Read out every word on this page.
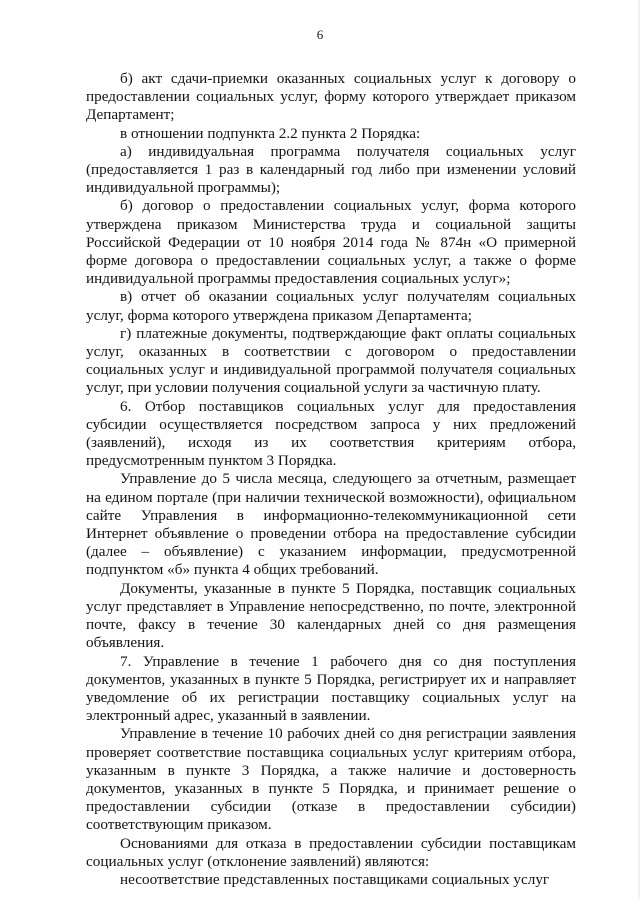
6

б) акт сдачи-приемки оказанных социальных услуг к договору о предоставлении социальных услуг, форму которого утверждает приказом Департамент;

в отношении подпункта 2.2 пункта 2 Порядка:

а) индивидуальная программа получателя социальных услуг (предоставляется 1 раз в календарный год либо при изменении условий индивидуальной программы);

б) договор о предоставлении социальных услуг, форма которого утверждена приказом Министерства труда и социальной защиты Российской Федерации от 10 ноября 2014 года № 874н «О примерной форме договора о предоставлении социальных услуг, а также о форме индивидуальной программы предоставления социальных услуг»;

в) отчет об оказании социальных услуг получателям социальных услуг, форма которого утверждена приказом Департамента;

г) платежные документы, подтверждающие факт оплаты социальных услуг, оказанных в соответствии с договором о предоставлении социальных услуг и индивидуальной программой получателя социальных услуг, при условии получения социальной услуги за частичную плату.

6. Отбор поставщиков социальных услуг для предоставления субсидии осуществляется посредством запроса у них предложений (заявлений), исходя из их соответствия критериям отбора, предусмотренным пунктом 3 Порядка.

Управление до 5 числа месяца, следующего за отчетным, размещает на едином портале (при наличии технической возможности), официальном сайте Управления в информационно-телекоммуникационной сети Интернет объявление о проведении отбора на предоставление субсидии (далее – объявление) с указанием информации, предусмотренной подпунктом «б» пункта 4 общих требований.

Документы, указанные в пункте 5 Порядка, поставщик социальных услуг представляет в Управление непосредственно, по почте, электронной почте, факсу в течение 30 календарных дней со дня размещения объявления.

7. Управление в течение 1 рабочего дня со дня поступления документов, указанных в пункте 5 Порядка, регистрирует их и направляет уведомление об их регистрации поставщику социальных услуг на электронный адрес, указанный в заявлении.

Управление в течение 10 рабочих дней со дня регистрации заявления проверяет соответствие поставщика социальных услуг критериям отбора, указанным в пункте 3 Порядка, а также наличие и достоверность документов, указанных в пункте 5 Порядка, и принимает решение о предоставлении субсидии (отказе в предоставлении субсидии) соответствующим приказом.

Основаниями для отказа в предоставлении субсидии поставщикам социальных услуг (отклонение заявлений) являются:

несоответствие представленных поставщиками социальных услуг
